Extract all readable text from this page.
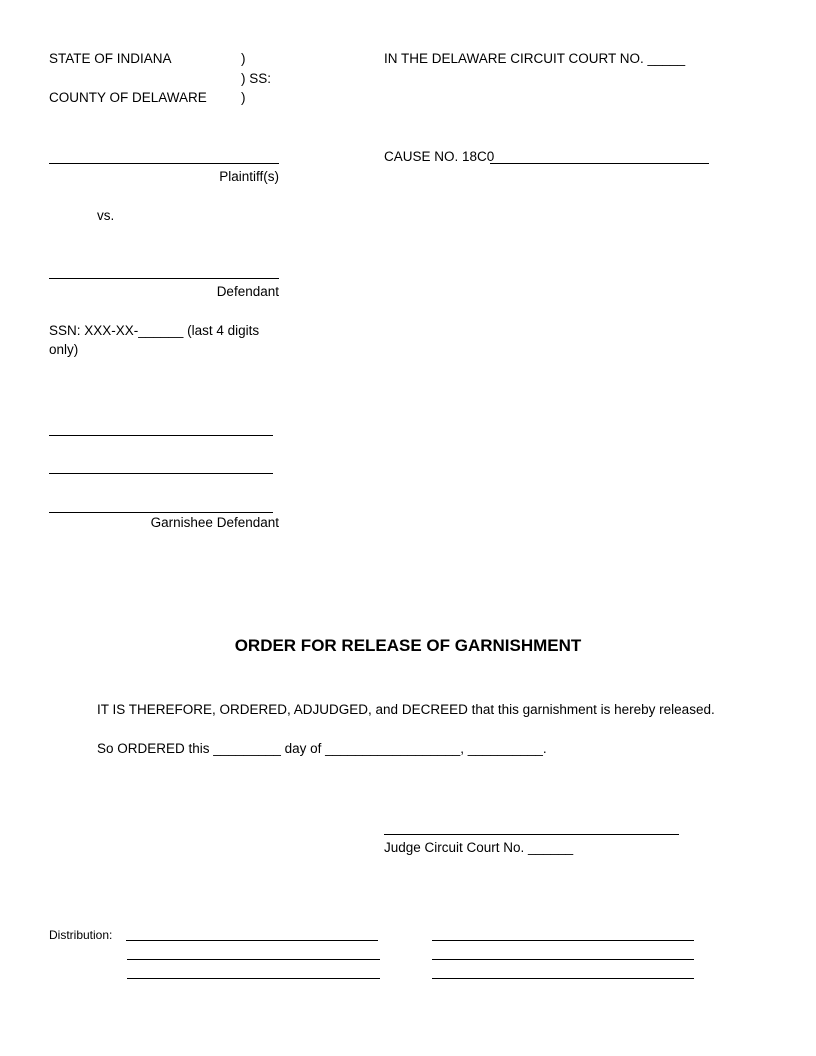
STATE OF INDIANA	)
) SS:
COUNTY OF DELAWARE	)
IN THE DELAWARE CIRCUIT COURT NO. _____
Plaintiff(s)
CAUSE NO. 18C0
vs.
Defendant
SSN: XXX-XX-______ (last 4 digits
only)
Garnishee Defendant
ORDER FOR RELEASE OF GARNISHMENT
IT IS THEREFORE, ORDERED, ADJUDGED, and DECREED that this garnishment is hereby released.
So ORDERED this _________ day of __________________, __________.
Judge Circuit Court No. ______
Distribution:
